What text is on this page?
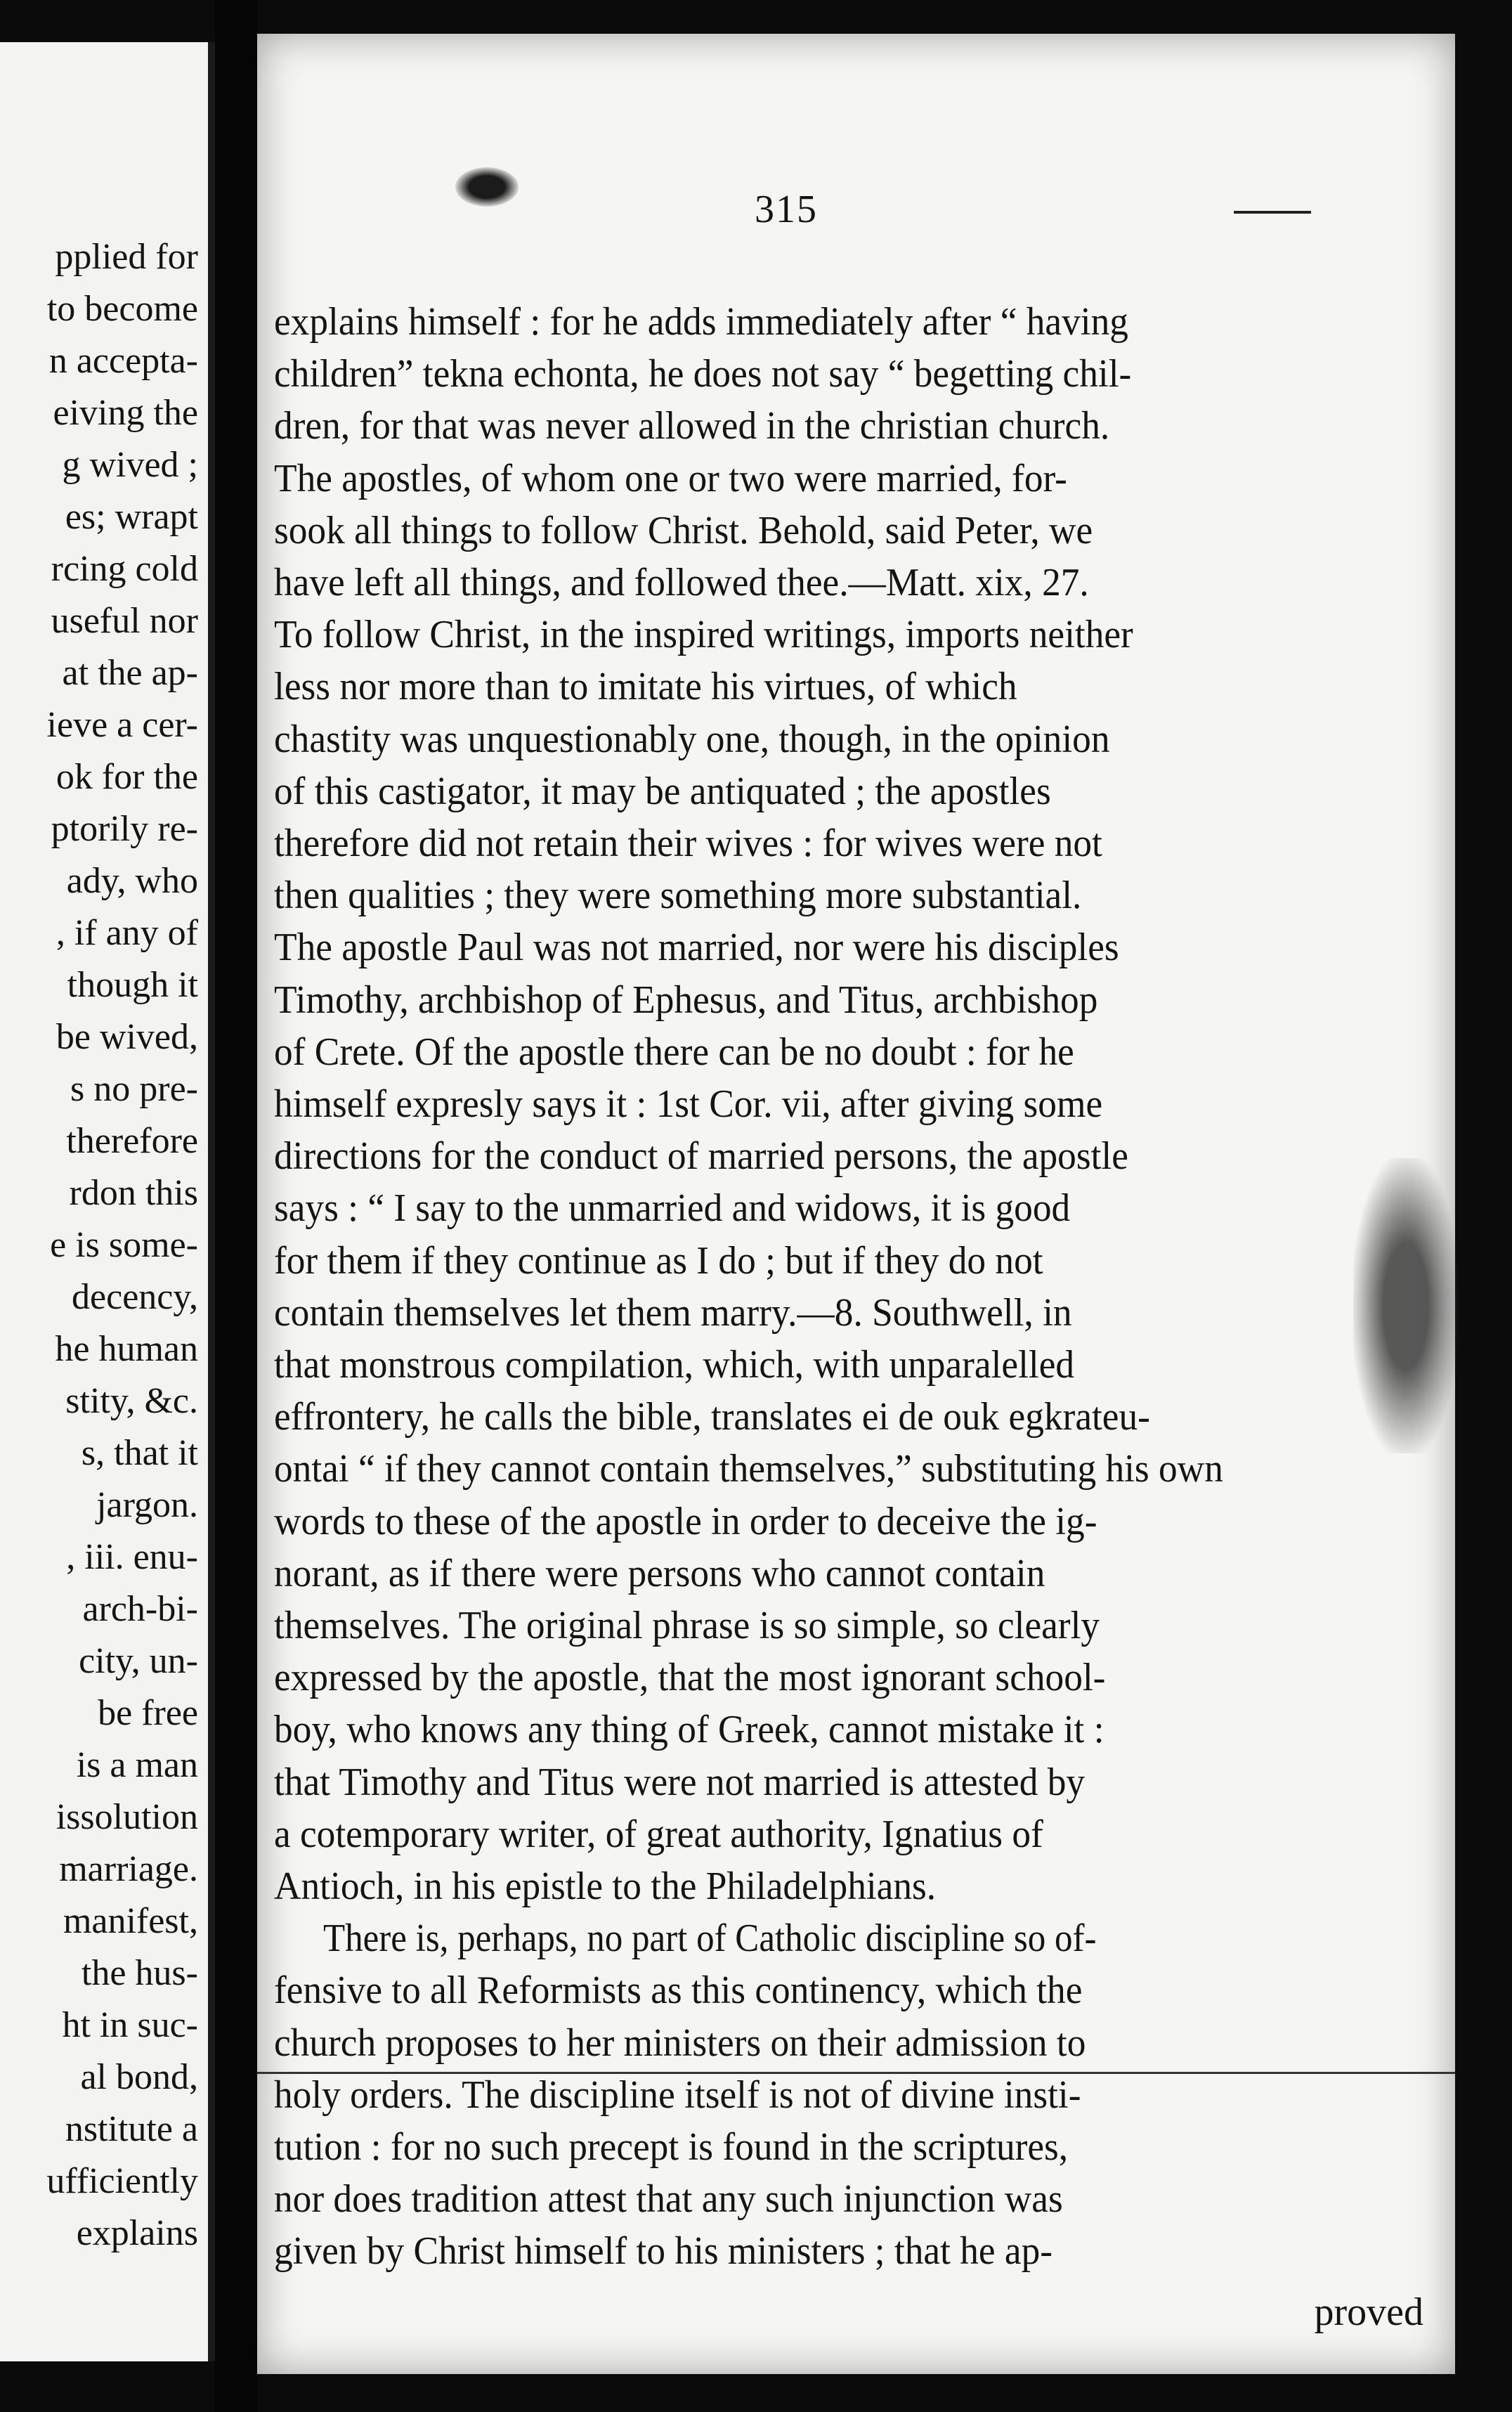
pplied for
to become
n accepta-
eiving the
g wived ;
es; wrapt
rcing cold
useful nor
at the ap-
ieve a cer-
ok for the
ptorily re-
ady, who
, if any of
though it
be wived,
s no pre-
therefore
rdon this
e is some-
decency,
he human
stity, &c.
s, that it
jargon.
, iii. enu-
arch-bi-
city, un-
be free
is a man
issolution
marriage.
manifest,
the hus-
ht in suc-
al bond,
nstitute a
ufficiently
explains
315
proved
explains himself : for he adds immediately after “ having
children” tekna echonta, he does not say “ begetting chil-
dren, for that was never allowed in the christian church.
The apostles, of whom one or two were married, for-
sook all things to follow Christ. Behold, said Peter, we
have left all things, and followed thee.—Matt. xix, 27.
To follow Christ, in the inspired writings, imports neither
less nor more than to imitate his virtues, of which
chastity was unquestionably one, though, in the opinion
of this castigator, it may be antiquated ; the apostles
therefore did not retain their wives : for wives were not
then qualities ; they were something more substantial.
The apostle Paul was not married, nor were his disciples
Timothy, archbishop of Ephesus, and Titus, archbishop
of Crete. Of the apostle there can be no doubt : for he
himself expresly says it : 1st Cor. vii, after giving some
directions for the conduct of married persons, the apostle
says : “ I say to the unmarried and widows, it is good
for them if they continue as I do ; but if they do not
contain themselves let them marry.—8. Southwell, in
that monstrous compilation, which, with unparalelled
effrontery, he calls the bible, translates ei de ouk egkrateu-
ontai “ if they cannot contain themselves,” substituting his own
words to these of the apostle in order to deceive the ig-
norant, as if there were persons who cannot contain
themselves. The original phrase is so simple, so clearly
expressed by the apostle, that the most ignorant school-
boy, who knows any thing of Greek, cannot mistake it :
that Timothy and Titus were not married is attested by
a cotemporary writer, of great authority, Ignatius of
Antioch, in his epistle to the Philadelphians.
There is, perhaps, no part of Catholic discipline so of-
fensive to all Reformists as this continency, which the
church proposes to her ministers on their admission to
holy orders. The discipline itself is not of divine insti-
tution : for no such precept is found in the scriptures,
nor does tradition attest that any such injunction was
given by Christ himself to his ministers ; that he ap-
